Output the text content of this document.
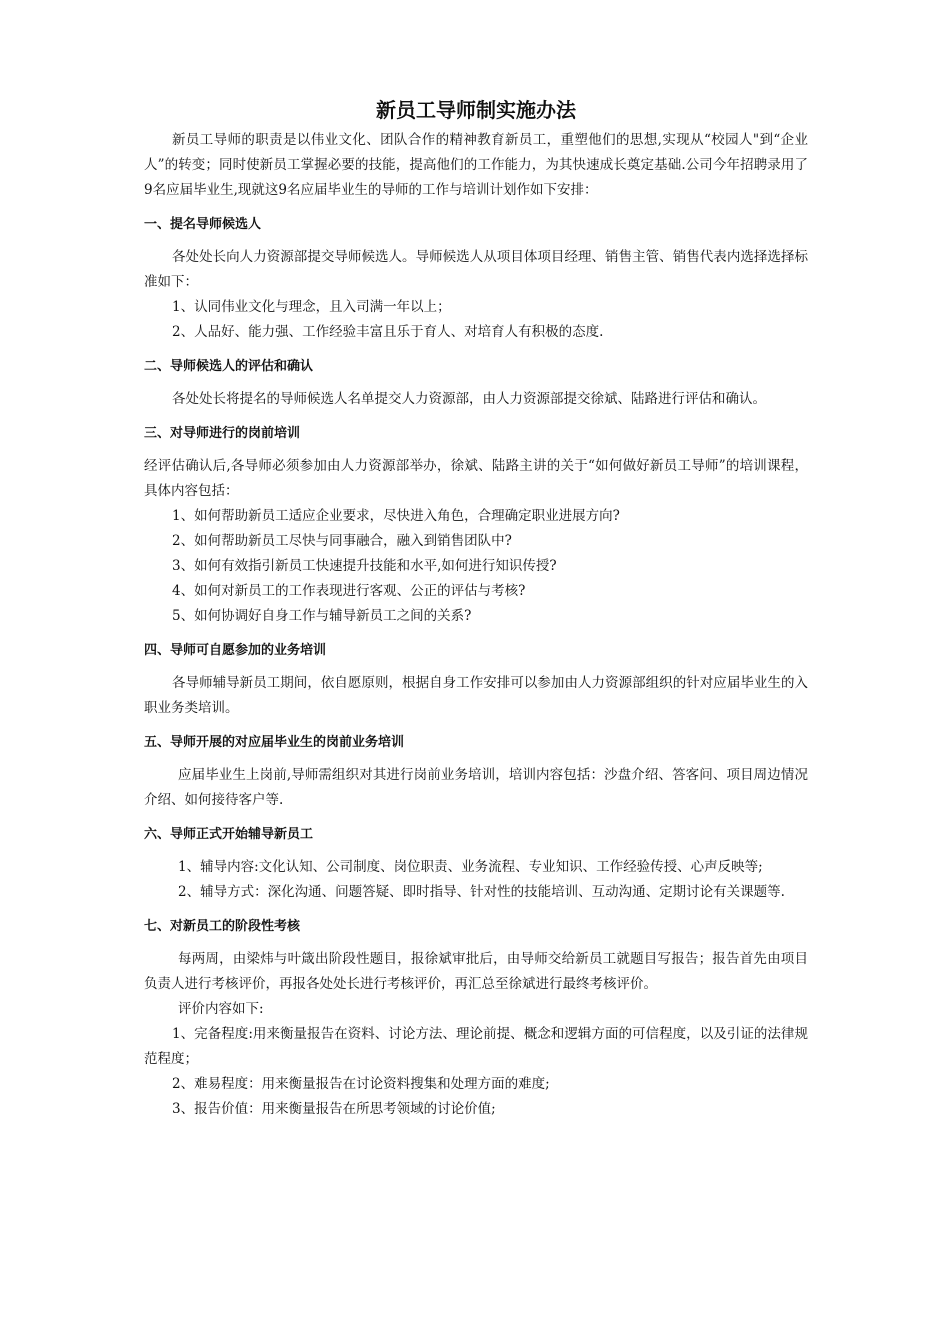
新员工导师制实施办法

新员工导师的职责是以伟业文化、团队合作的精神教育新员工，重塑他们的思想,实现从“校园人"到“企业人”的转变；同时使新员工掌握必要的技能，提高他们的工作能力，为其快速成长奠定基础.公司今年招聘录用了9名应届毕业生,现就这9名应届毕业生的导师的工作与培训计划作如下安排：

一、提名导师候选人

各处处长向人力资源部提交导师候选人。导师候选人从项目体项目经理、销售主管、销售代表内选择选择标准如下：

1、认同伟业文化与理念，且入司满一年以上；

2、人品好、能力强、工作经验丰富且乐于育人、对培育人有积极的态度.

二、导师候选人的评估和确认

各处处长将提名的导师候选人名单提交人力资源部，由人力资源部提交徐斌、陆路进行评估和确认。

三、对导师进行的岗前培训

经评估确认后,各导师必须参加由人力资源部举办，徐斌、陆路主讲的关于“如何做好新员工导师”的培训课程，具体内容包括：

1、如何帮助新员工适应企业要求，尽快进入角色，合理确定职业进展方向?

2、如何帮助新员工尽快与同事融合，融入到销售团队中?

3、如何有效指引新员工快速提升技能和水平,如何进行知识传授?

4、如何对新员工的工作表现进行客观、公正的评估与考核?

5、如何协调好自身工作与辅导新员工之间的关系?

四、导师可自愿参加的业务培训

各导师辅导新员工期间，依自愿原则，根据自身工作安排可以参加由人力资源部组织的针对应届毕业生的入职业务类培训。

五、导师开展的对应届毕业生的岗前业务培训

应届毕业生上岗前,导师需组织对其进行岗前业务培训，培训内容包括：沙盘介绍、答客问、项目周边情况介绍、如何接待客户等.

六、导师正式开始辅导新员工

1、辅导内容:文化认知、公司制度、岗位职责、业务流程、专业知识、工作经验传授、心声反映等;

2、辅导方式：深化沟通、问题答疑、即时指导、针对性的技能培训、互动沟通、定期讨论有关课题等.

七、对新员工的阶段性考核

每两周，由梁炜与叶箴出阶段性题目，报徐斌审批后，由导师交给新员工就题目写报告；报告首先由项目负责人进行考核评价，再报各处处长进行考核评价，再汇总至徐斌进行最终考核评价。

评价内容如下:

1、完备程度:用来衡量报告在资料、讨论方法、理论前提、概念和逻辑方面的可信程度，以及引证的法律规范程度；

2、难易程度：用来衡量报告在讨论资料搜集和处理方面的难度;

3、报告价值：用来衡量报告在所思考领域的讨论价值;
